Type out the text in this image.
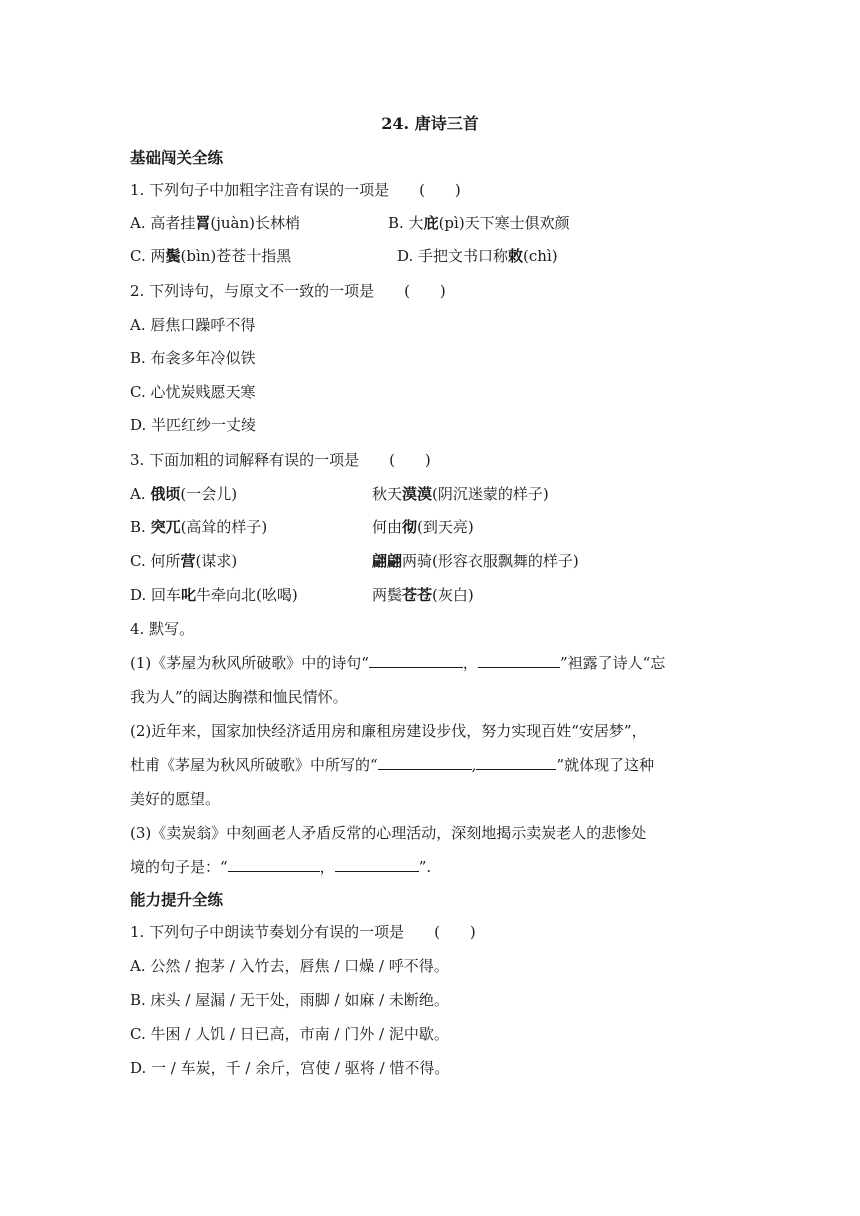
24. 唐诗三首
基础闯关全练
1. 下列句子中加粗字注音有误的一项是　　(　　)
A. 高者挂罥(juàn)长林梢	B. 大庇(pì)天下寒士俱欢颜
C. 两鬓(bìn)苍苍十指黑	D. 手把文书口称敕(chì)
2. 下列诗句，与原文不一致的一项是　　(　　)
A. 唇焦口躁呼不得
B. 布衾多年冷似铁
C. 心忧炭贱愿天寒
D. 半匹红纱一丈绫
3. 下面加粗的词解释有误的一项是　　(　　)
A. 俄顷(一会儿)	秋天漠漠(阴沉迷蒙的样子)
B. 突兀(高耸的样子)	何由彻(到天亮)
C. 何所营(谋求)	翩翩两骑(形容衣服飘舞的样子)
D. 回车叱牛牵向北(吆喝)	两鬓苍苍(灰白)
4. 默写。
(1)《茅屋为秋风所破歌》中的诗句“	，	”袒露了诗人“忘
我为人”的阔达胸襟和恤民情怀。
(2)近年来，国家加快经济适用房和廉租房建设步伐，努力实现百姓“安居梦”，
杜甫《茅屋为秋风所破歌》中所写的“	,	”就体现了这种
美好的愿望。
(3)《卖炭翁》中刻画老人矛盾反常的心理活动，深刻地揭示卖炭老人的悲惨处
境的句子是：“	，	”.
能力提升全练
1. 下列句子中朗读节奏划分有误的一项是　　(　　)
A. 公然 / 抱茅 / 入竹去，唇焦 / 口燥 / 呼不得。
B. 床头 / 屋漏 / 无干处，雨脚 / 如麻 / 未断绝。
C. 牛困 / 人饥 / 日已高，市南 / 门外 / 泥中歇。
D. 一 / 车炭，千 / 余斤，宫使 / 驱将 / 惜不得。
